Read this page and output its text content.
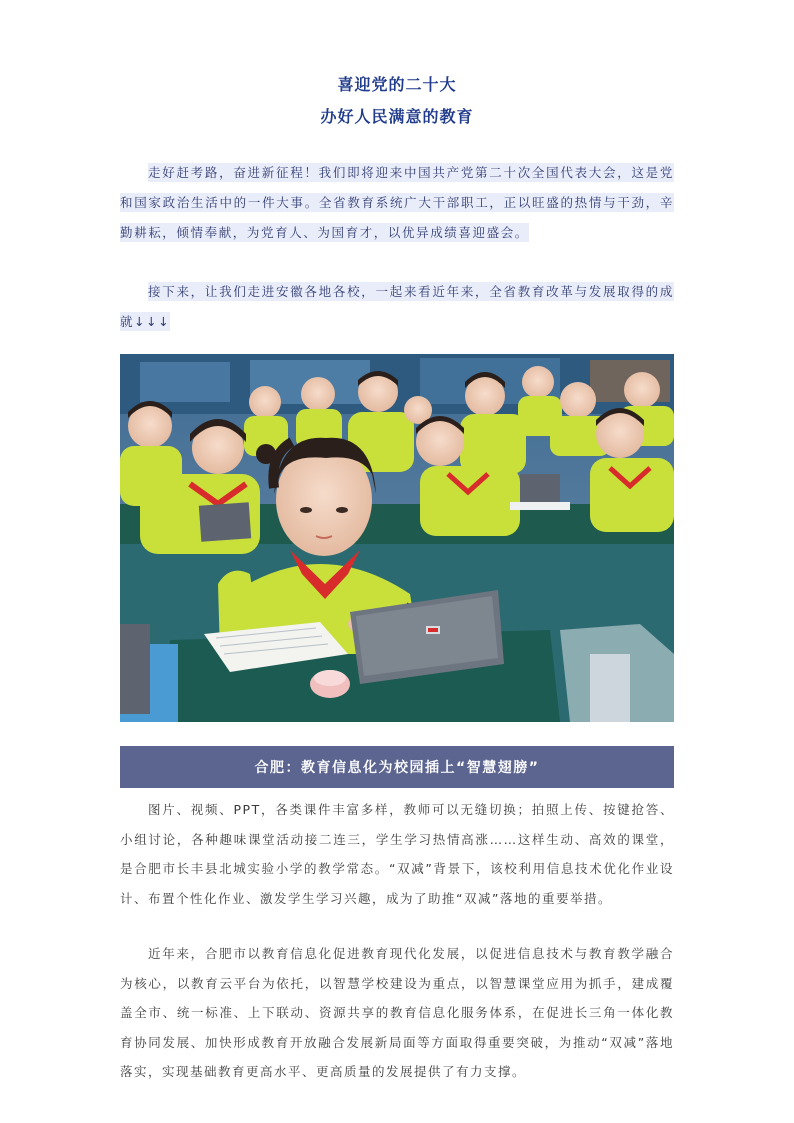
喜迎党的二十大
办好人民满意的教育
走好赶考路，奋进新征程！我们即将迎来中国共产党第二十次全国代表大会，这是党和国家政治生活中的一件大事。全省教育系统广大干部职工，正以旺盛的热情与干劲，辛勤耕耘，倾情奉献，为党育人、为国育才，以优异成绩喜迎盛会。
接下来，让我们走进安徽各地各校，一起来看近年来，全省教育改革与发展取得的成就↓↓↓
合肥：教育信息化为校园插上“智慧翅膀”

图片、视频、PPT，各类课件丰富多样，教师可以无缝切换；拍照上传、按键抢答、小组讨论，各种趣味课堂活动接二连三，学生学习热情高涨……这样生动、高效的课堂，是合肥市长丰县北城实验小学的教学常态。“双减”背景下，该校利用信息技术优化作业设计、布置个性化作业、激发学生学习兴趣，成为了助推“双减”落地的重要举措。

近年来，合肥市以教育信息化促进教育现代化发展，以促进信息技术与教育教学融合为核心，以教育云平台为依托，以智慧学校建设为重点，以智慧课堂应用为抓手，建成覆盖全市、统一标准、上下联动、资源共享的教育信息化服务体系，在促进长三角一体化教育协同发展、加快形成教育开放融合发展新局面等方面取得重要突破，为推动“双减”落地落实，实现基础教育更高水平、更高质量的发展提供了有力支撑。
